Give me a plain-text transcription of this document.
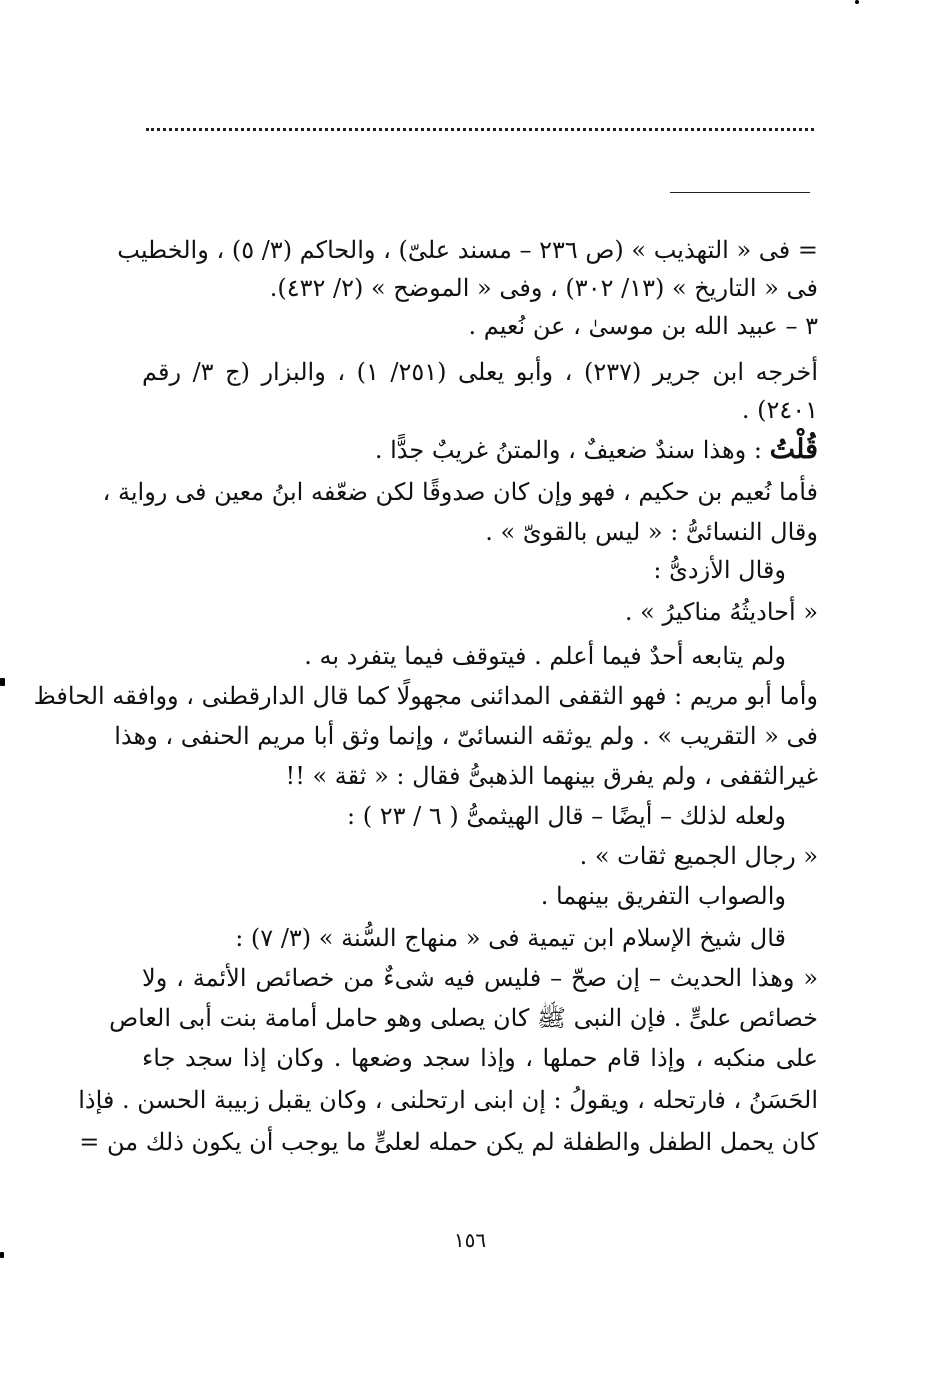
= فى « التهذيب » (ص ٢٣٦ – مسند علىّ) ، والحاكم (٣/ ٥) ، والخطيب
فى « التاريخ » (١٣/ ٣٠٢) ، وفى « الموضح » (٢/ ٤٣٢).
٣ – عبيد الله بن موسىٰ ، عن نُعيم .
أخرجه ابن جرير (٢٣٧) ، وأبو يعلى (٢٥١/ ١) ، والبزار (ج ٣/ رقم
٢٤٠١) .
قُلْتُ : وهذا سندٌ ضعيفٌ ، والمتنُ غريبٌ جدًّا .
فأما نُعيم بن حكيم ، فهو وإن كان صدوقًا لكن ضعّفه ابنُ معين فى رواية ،
وقال النسائىُّ : « ليس بالقوىّ » .
وقال الأزدىُّ :
« أحاديثُهُ مناكيرُ » .
ولم يتابعه أحدٌ فيما أعلم . فيتوقف فيما يتفرد به .
وأما أبو مريم : فهو الثقفى المدائنى مجهولًا كما قال الدارقطنى ، ووافقه الحافظ
فى « التقريب » . ولم يوثقه النسائىّ ، وإنما وثق أبا مريم الحنفى ، وهذا
غيرالثقفى ، ولم يفرق بينهما الذهبىُّ فقال : « ثقة » !!
ولعله لذلك – أيضًا – قال الهيثمىُّ ( ٦ / ٢٣ ) :
« رجال الجميع ثقات » .
والصواب التفريق بينهما .
قال شيخ الإسلام ابن تيمية فى « منهاج السُّنة » (٣/ ٧) :
« وهذا الحديث – إن صحّ – فليس فيه شىءٌ من خصائص الأئمة ، ولا
خصائص علىٍّ . فإن النبى ﷺ كان يصلى وهو حامل أمامة بنت أبى العاص
على منكبه ، وإذا قام حملها ، وإذا سجد وضعها . وكان إذا سجد جاء
الحَسَنُ ، فارتحله ، ويقولُ : إن ابنى ارتحلنى ، وكان يقبل زبيبة الحسن . فإذا
كان يحمل الطفل والطفلة لم يكن حمله لعلىٍّ ما يوجب أن يكون ذلك من =
١٥٦
